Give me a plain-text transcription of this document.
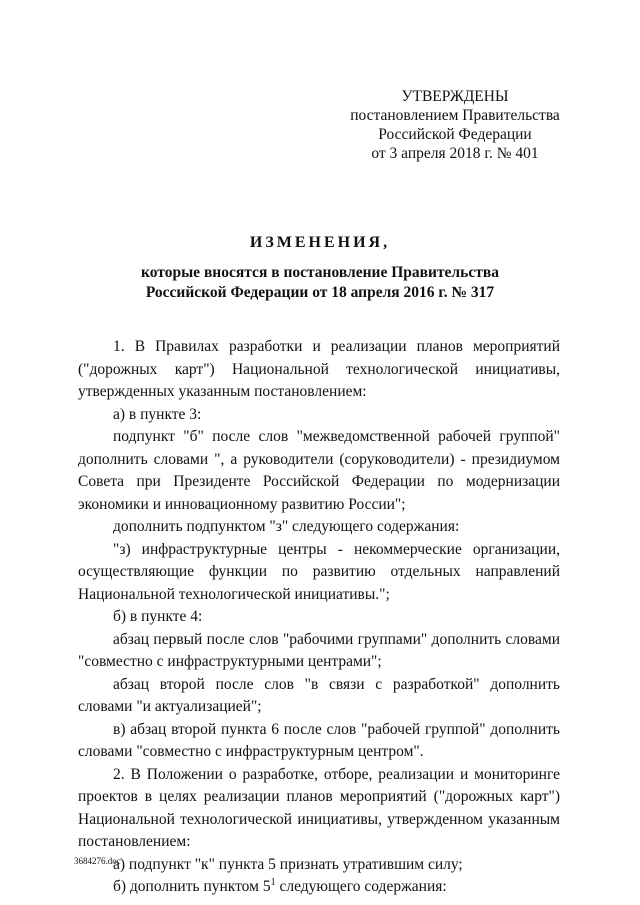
УТВЕРЖДЕНЫ
постановлением Правительства
Российской Федерации
от 3 апреля 2018 г. № 401
ИЗМЕНЕНИЯ,
которые вносятся в постановление Правительства
Российской Федерации от 18 апреля 2016 г. № 317

1. В Правилах разработки и реализации планов мероприятий ("дорожных карт") Национальной технологической инициативы, утвержденных указанным постановлением:

а) в пункте 3:

подпункт "б" после слов "межведомственной рабочей группой" дополнить словами ", а руководители (соруководители) - президиумом Совета при Президенте Российской Федерации по модернизации экономики и инновационному развитию России";

дополнить подпунктом "з" следующего содержания:

"з) инфраструктурные центры - некоммерческие организации, осуществляющие функции по развитию отдельных направлений Национальной технологической инициативы.";

б) в пункте 4:

абзац первый после слов "рабочими группами" дополнить словами "совместно с инфраструктурными центрами";

абзац второй после слов "в связи с разработкой" дополнить словами "и актуализацией";

в) абзац второй пункта 6 после слов "рабочей группой" дополнить словами "совместно с инфраструктурным центром".

2. В Положении о разработке, отборе, реализации и мониторинге проектов в целях реализации планов мероприятий ("дорожных карт") Национальной технологической инициативы, утвержденном указанным постановлением:

а) подпункт "к" пункта 5 признать утратившим силу;

б) дополнить пунктом $5^1$ следующего содержания:

3684276.doc
